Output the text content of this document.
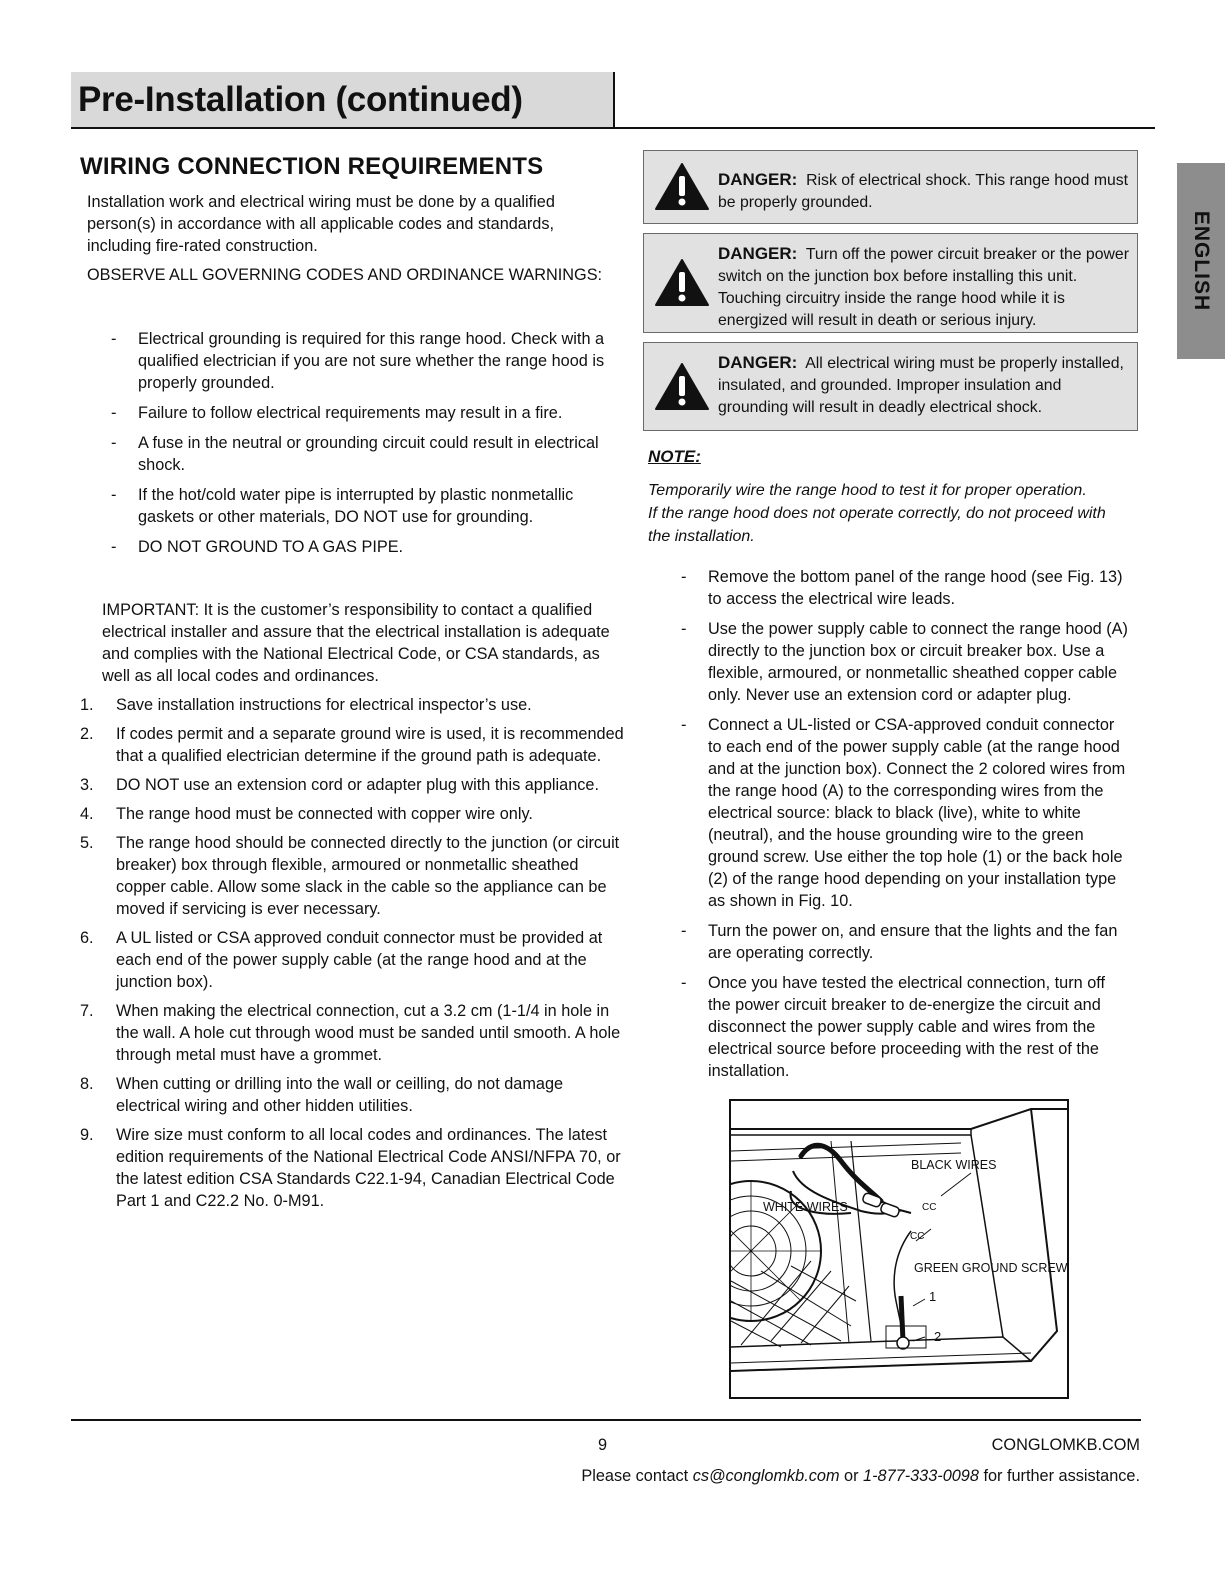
Pre-Installation (continued)
ENGLISH
WIRING CONNECTION REQUIREMENTS
Installation work and electrical wiring must be done by a qualified person(s) in accordance with all applicable codes and standards, including fire-rated construction.
OBSERVE ALL GOVERNING CODES AND ORDINANCE WARNINGS:
- Electrical grounding is required for this range hood. Check with a qualified electrician if you are not sure whether the range hood is properly grounded.
- Failure to follow electrical requirements may result in a fire.
- A fuse in the neutral or grounding circuit could result in electrical shock.
- If the hot/cold water pipe is interrupted by plastic nonmetallic gaskets or other materials, DO NOT use for grounding.
- DO NOT GROUND TO A GAS PIPE.
IMPORTANT: It is the customer’s responsibility to contact a qualified electrical installer and assure that the electrical installation is adequate and complies with the National Electrical Code, or CSA standards, as well as all local codes and ordinances.
1. Save installation instructions for electrical inspector’s use.
2. If codes permit and a separate ground wire is used, it is recommended that a qualified electrician determine if the ground path is adequate.
3. DO NOT use an extension cord or adapter plug with this appliance.
4. The range hood must be connected with copper wire only.
5. The range hood should be connected directly to the junction (or circuit breaker) box through flexible, armoured or nonmetallic sheathed copper cable. Allow some slack in the cable so the appliance can be moved if servicing is ever necessary.
6. A UL listed or CSA approved conduit connector must be provided at each end of the power supply cable (at the range hood and at the junction box).
7. When making the electrical connection, cut a 3.2 cm (1-1/4 in hole in the wall. A hole cut through wood must be sanded until smooth. A hole through metal must have a grommet.
8. When cutting or drilling into the wall or ceilling, do not damage electrical wiring and other hidden utilities.
9. Wire size must conform to all local codes and ordinances. The latest edition requirements of the National Electrical Code ANSI/NFPA 70, or the latest edition CSA Standards C22.1-94, Canadian Electrical Code Part 1 and C22.2 No. 0-M91.
DANGER: Risk of electrical shock. This range hood must be properly grounded.
DANGER: Turn off the power circuit breaker or the power switch on the junction box before installing this unit. Touching circuitry inside the range hood while it is energized will result in death or serious injury.
DANGER: All electrical wiring must be properly installed, insulated, and grounded. Improper insulation and grounding will result in deadly electrical shock.
NOTE:
Temporarily wire the range hood to test it for proper operation.
If the range hood does not operate correctly, do not proceed with
the installation.
- Remove the bottom panel of the range hood (see Fig. 13) to access the electrical wire leads.
- Use the power supply cable to connect the range hood (A) directly to the junction box or circuit breaker box. Use a flexible, armoured, or nonmetallic sheathed copper cable only. Never use an extension cord or adapter plug.
- Connect a UL-listed or CSA-approved conduit connector to each end of the power supply cable (at the range hood and at the junction box). Connect the 2 colored wires from the range hood (A) to the corresponding wires from the electrical source: black to black (live), white to white (neutral), and the house grounding wire to the green ground screw. Use either the top hole (1) or the back hole (2) of the range hood depending on your installation type as shown in Fig. 10.
- Turn the power on, and ensure that the lights and the fan are operating correctly.
- Once you have tested the electrical connection, turn off the power circuit breaker to de-energize the circuit and disconnect the power supply cable and wires from the electrical source before proceeding with the rest of the installation.
BLACK WIRES
WHITE WIRES	CC
CC
GREEN GROUND SCREW
1
2
9	CONGLOMKB.COM
Please contact cs@conglomkb.com or 1-877-333-0098 for further assistance.
